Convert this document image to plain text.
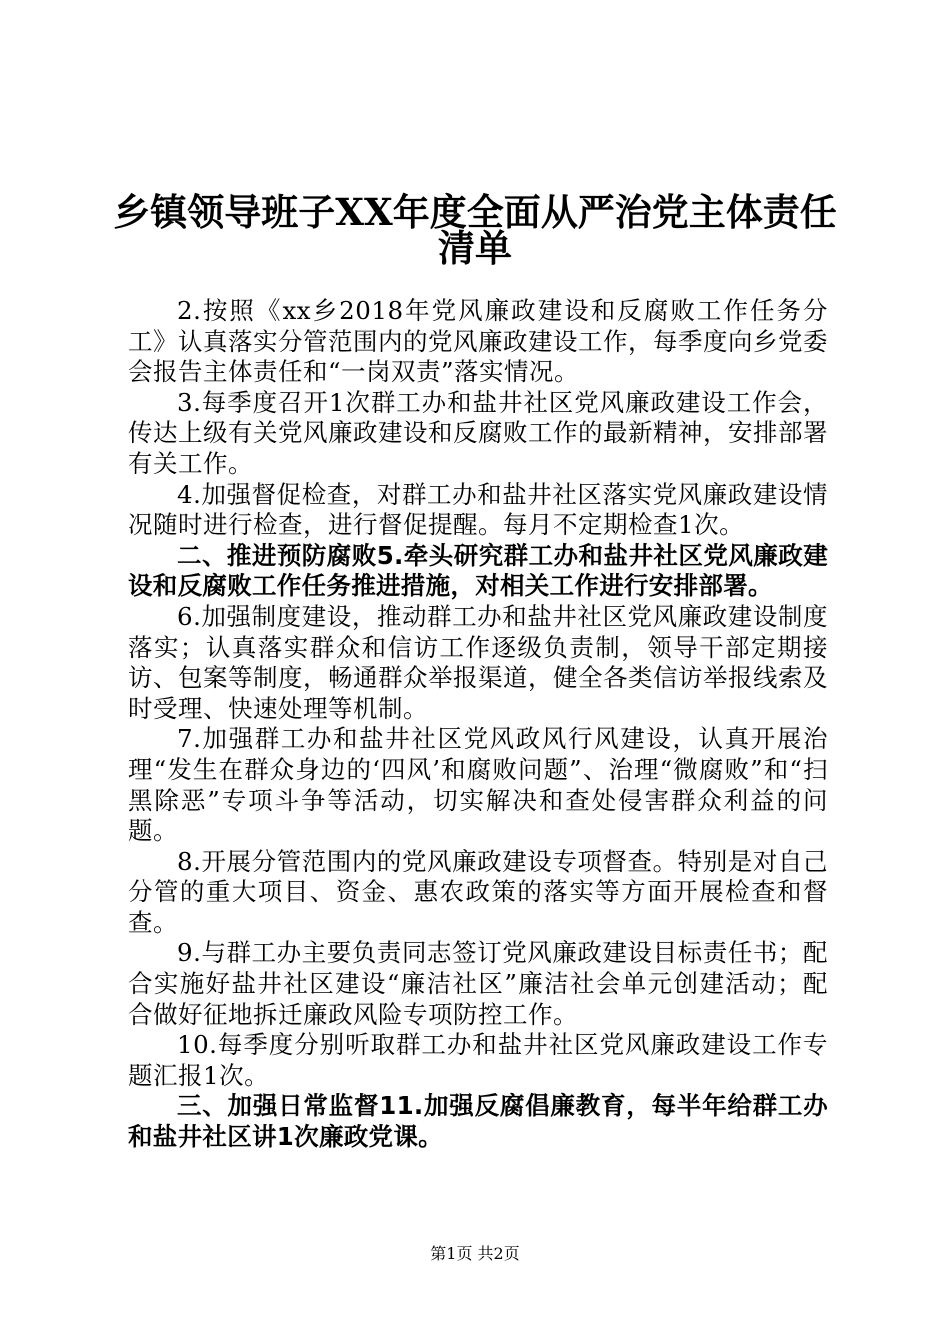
乡镇领导班子XX年度全面从严治党主体责任
清单

2.按照《xx乡2018年党风廉政建设和反腐败工作任务分工》认真落实分管范围内的党风廉政建设工作，每季度向乡党委会报告主体责任和“一岗双责”落实情况。

3.每季度召开1次群工办和盐井社区党风廉政建设工作会，传达上级有关党风廉政建设和反腐败工作的最新精神，安排部署有关工作。

4.加强督促检查，对群工办和盐井社区落实党风廉政建设情况随时进行检查，进行督促提醒。每月不定期检查1次。

二、推进预防腐败5.牵头研究群工办和盐井社区党风廉政建设和反腐败工作任务推进措施，对相关工作进行安排部署。

6.加强制度建设，推动群工办和盐井社区党风廉政建设制度落实；认真落实群众和信访工作逐级负责制，领导干部定期接访、包案等制度，畅通群众举报渠道，健全各类信访举报线索及时受理、快速处理等机制。

7.加强群工办和盐井社区党风政风行风建设，认真开展治理“发生在群众身边的‘四风’和腐败问题”、治理“微腐败”和“扫黑除恶”专项斗争等活动，切实解决和查处侵害群众利益的问题。

8.开展分管范围内的党风廉政建设专项督查。特别是对自己分管的重大项目、资金、惠农政策的落实等方面开展检查和督查。

9.与群工办主要负责同志签订党风廉政建设目标责任书；配合实施好盐井社区建设“廉洁社区”廉洁社会单元创建活动；配合做好征地拆迁廉政风险专项防控工作。

10.每季度分别听取群工办和盐井社区党风廉政建设工作专题汇报1次。

三、加强日常监督11.加强反腐倡廉教育，每半年给群工办和盐井社区讲1次廉政党课。

第1页 共2页
